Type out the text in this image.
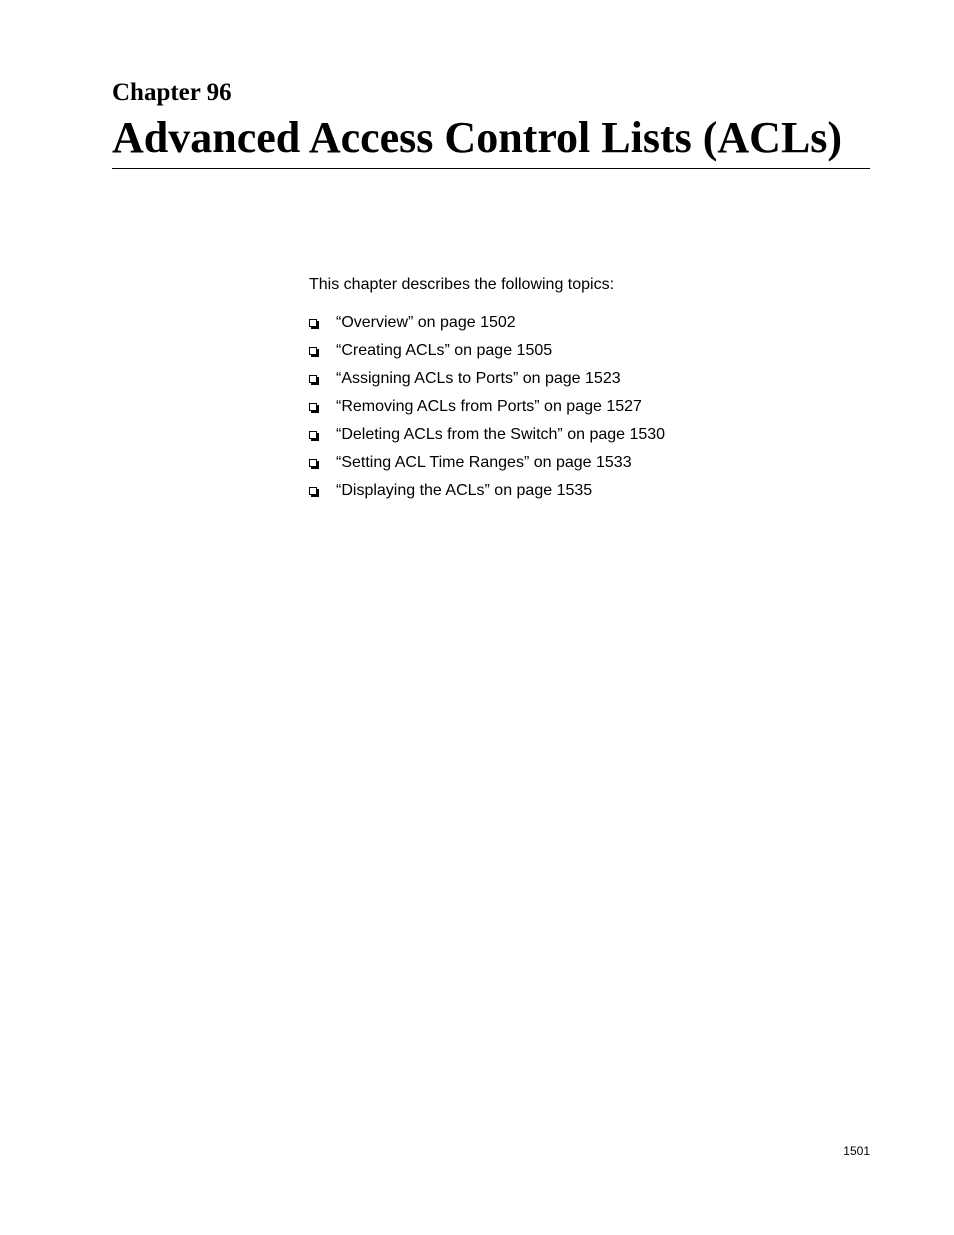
Chapter 96
Advanced Access Control Lists (ACLs)
This chapter describes the following topics:
“Overview” on page 1502
“Creating ACLs” on page 1505
“Assigning ACLs to Ports” on page 1523
“Removing ACLs from Ports” on page 1527
“Deleting ACLs from the Switch” on page 1530
“Setting ACL Time Ranges” on page 1533
“Displaying the ACLs” on page 1535
1501
